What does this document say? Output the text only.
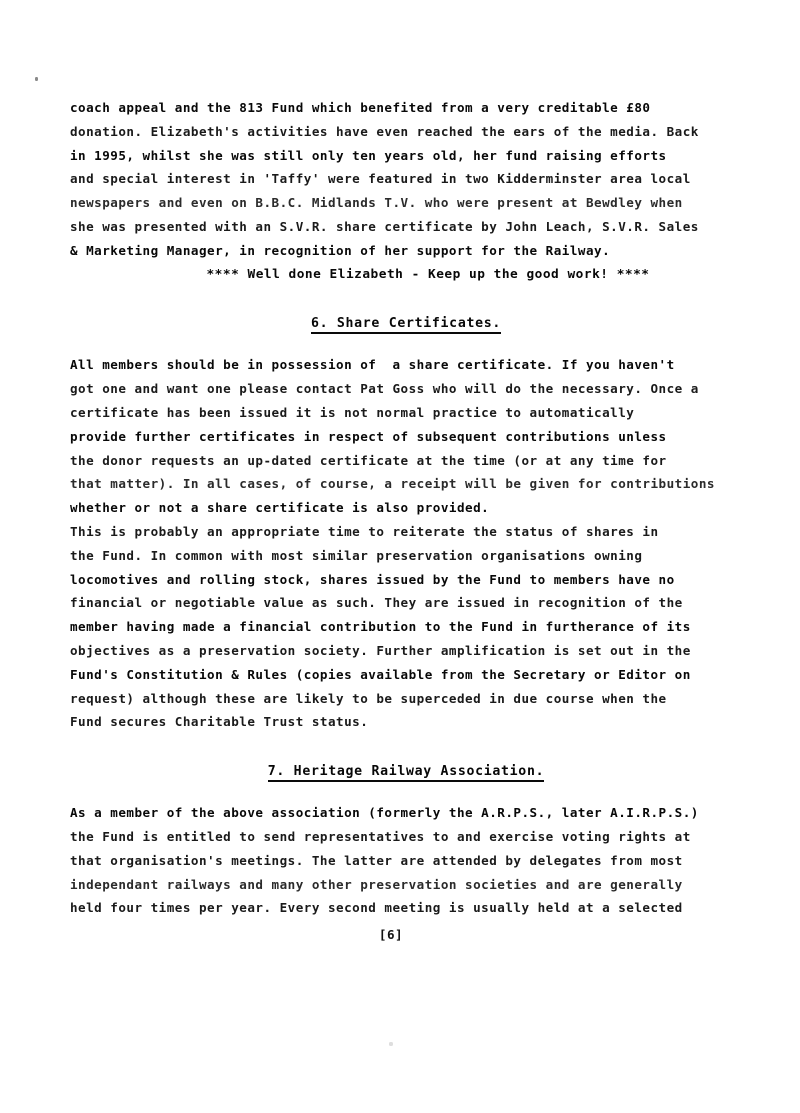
coach appeal and the 813 Fund which benefited from a very creditable £80
donation. Elizabeth's activities have even reached the ears of the media. Back
in 1995, whilst she was still only ten years old, her fund raising efforts
and special interest in 'Taffy' were featured in two Kidderminster area local
newspapers and even on B.B.C. Midlands T.V. who were present at Bewdley when
she was presented with an S.V.R. share certificate by John Leach, S.V.R. Sales
& Marketing Manager, in recognition of her support for the Railway.
**** Well done Elizabeth - Keep up the good work! ****
6. Share Certificates.
All members should be in possession of  a share certificate. If you haven't
got one and want one please contact Pat Goss who will do the necessary. Once a
certificate has been issued it is not normal practice to automatically
provide further certificates in respect of subsequent contributions unless
the donor requests an up-dated certificate at the time (or at any time for
that matter). In all cases, of course, a receipt will be given for contributions
whether or not a share certificate is also provided.
This is probably an appropriate time to reiterate the status of shares in
the Fund. In common with most similar preservation organisations owning
locomotives and rolling stock, shares issued by the Fund to members have no
financial or negotiable value as such. They are issued in recognition of the
member having made a financial contribution to the Fund in furtherance of its
objectives as a preservation society. Further amplification is set out in the
Fund's Constitution & Rules (copies available from the Secretary or Editor on
request) although these are likely to be superceded in due course when the
Fund secures Charitable Trust status.
7. Heritage Railway Association.
As a member of the above association (formerly the A.R.P.S., later A.I.R.P.S.)
the Fund is entitled to send representatives to and exercise voting rights at
that organisation's meetings. The latter are attended by delegates from most
independant railways and many other preservation societies and are generally
held four times per year. Every second meeting is usually held at a selected
[6]
